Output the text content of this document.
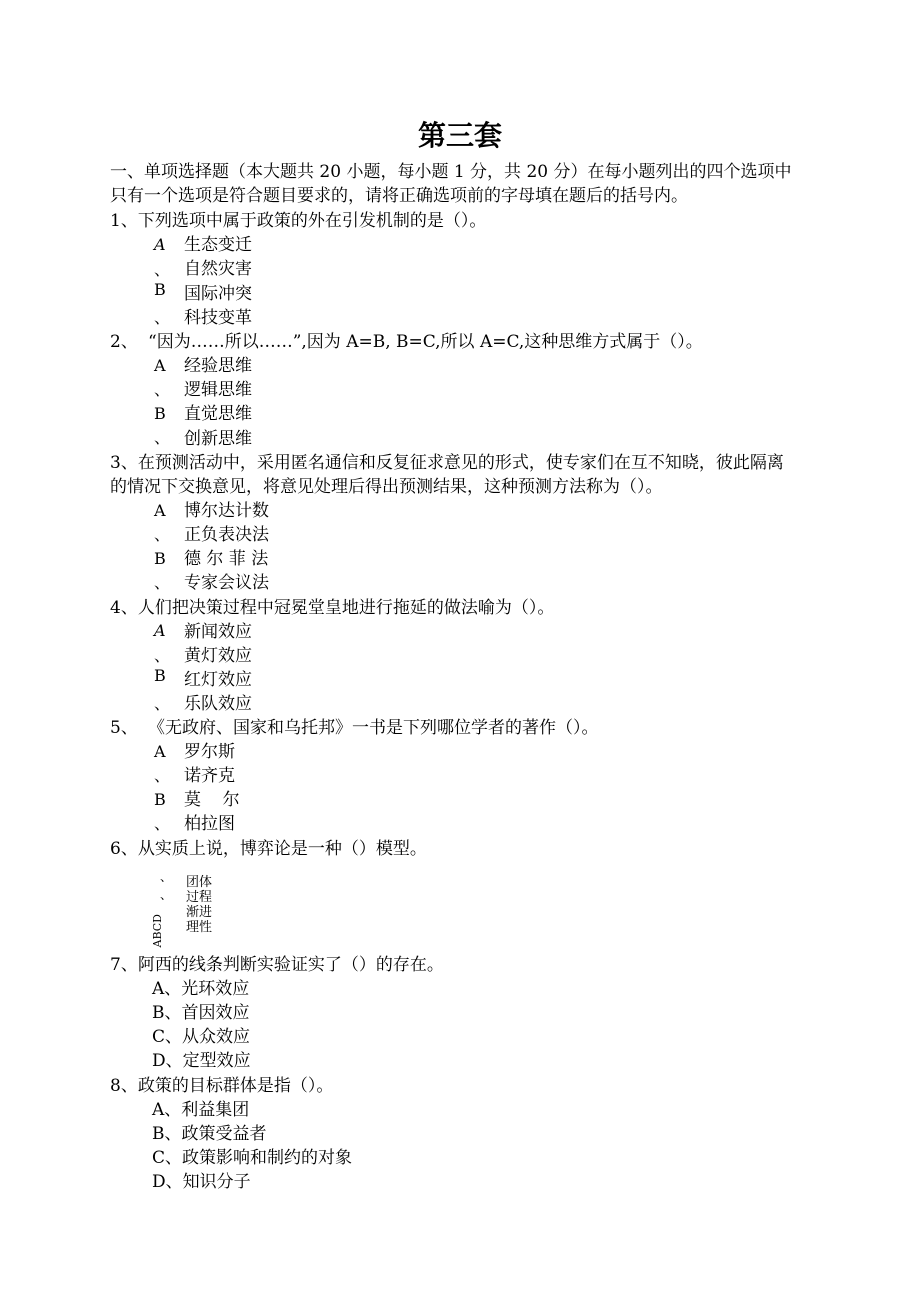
第三套
一、单项选择题（本大题共 20 小题，每小题 1 分，共 20 分）在每小题列出的四个选项中
只有一个选项是符合题目要求的，请将正确选项前的字母填在题后的括号内。
1、下列选项中属于政策的外在引发机制的是（）。
A
、
B
、
生态变迁
自然灾害
国际冲突
科技变革
2、 “因为……所以……”,因为 A=B, B=C,所以 A=C,这种思维方式属于（）。
A
、
B
、
经验思维
逻辑思维
直觉思维
创新思维
3、在预测活动中，采用匿名通信和反复征求意见的形式，使专家们在互不知晓，彼此隔离
的情况下交换意见，将意见处理后得出预测结果，这种预测方法称为（）。
A
、
B
、
博尔达计数
正负表决法
德 尔 菲 法
专家会议法
4、人们把决策过程中冠冕堂皇地进行拖延的做法喻为（）。
A
、
B
、
新闻效应
黄灯效应
红灯效应
乐队效应
5、 《无政府、国家和乌托邦》一书是下列哪位学者的著作（）。
A
、
B
、
罗尔斯
诺齐克
莫    尔
柏拉图
6、从实质上说，博弈论是一种（）模型。
、
、
ABCD
团体
过程
渐进
理性
7、阿西的线条判断实验证实了（）的存在。
A、光环效应
B、首因效应
C、从众效应
D、定型效应
8、政策的目标群体是指（）。
A、利益集团
B、政策受益者
C、政策影响和制约的对象
D、知识分子
